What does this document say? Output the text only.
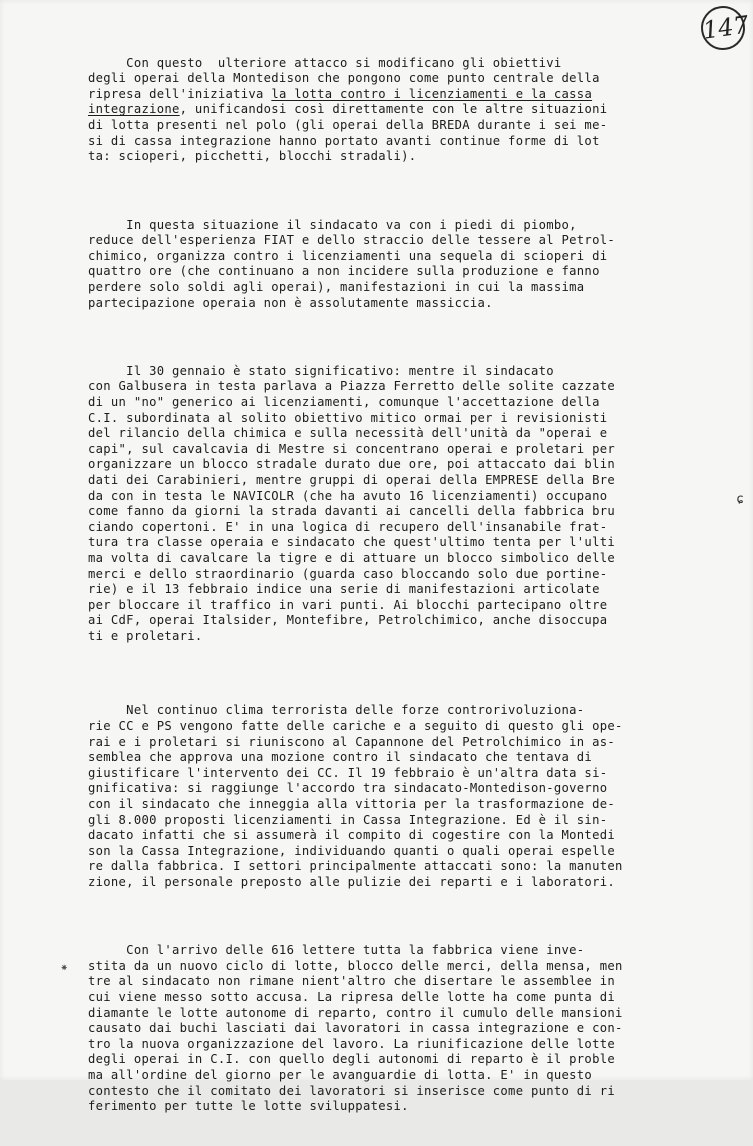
147

Con questo  ulteriore attacco si modificano gli obiettivi
degli operai della Montedison che pongono come punto centrale della
ripresa dell'iniziativa la lotta contro i licenziamenti e la cassa
integrazione, unificandosi così direttamente con le altre situazioni
di lotta presenti nel polo (gli operai della BREDA durante i sei me-
si di cassa integrazione hanno portato avanti continue forme di lot
ta: scioperi, picchetti, blocchi stradali).

In questa situazione il sindacato va con i piedi di piombo,
reduce dell'esperienza FIAT e dello straccio delle tessere al Petrol-
chimico, organizza contro i licenziamenti una sequela di scioperi di
quattro ore (che continuano a non incidere sulla produzione e fanno
perdere solo soldi agli operai), manifestazioni in cui la massima
partecipazione operaia non è assolutamente massiccia.

Il 30 gennaio è stato significativo: mentre il sindacato
con Galbusera in testa parlava a Piazza Ferretto delle solite cazzate
di un "no" generico ai licenziamenti, comunque l'accettazione della
C.I. subordinata al solito obiettivo mitico ormai per i revisionisti
del rilancio della chimica e sulla necessità dell'unità da "operai e
capi", sul cavalcavia di Mestre si concentrano operai e proletari per
organizzare un blocco stradale durato due ore, poi attaccato dai blin
dati dei Carabinieri, mentre gruppi di operai della EMPRESE della Bre
da con in testa le NAVICOLR (che ha avuto 16 licenziamenti) occupano
come fanno da giorni la strada davanti ai cancelli della fabbrica bru
ciando copertoni. E' in una logica di recupero dell'insanabile frat-
tura tra classe operaia e sindacato che quest'ultimo tenta per l'ulti
ma volta di cavalcare la tigre e di attuare un blocco simbolico delle
merci e dello straordinario (guarda caso bloccando solo due portine-
rie) e il 13 febbraio indice una serie di manifestazioni articolate
per bloccare il traffico in vari punti. Ai blocchi partecipano oltre
ai CdF, operai Italsider, Montefibre, Petrolchimico, anche disoccupa
ti e proletari.

Nel continuo clima terrorista delle forze controrivoluziona-
rie CC e PS vengono fatte delle cariche e a seguito di questo gli ope-
rai e i proletari si riuniscono al Capannone del Petrolchimico in as-
semblea che approva una mozione contro il sindacato che tentava di
giustificare l'intervento dei CC. Il 19 febbraio è un'altra data si-
gnificativa: si raggiunge l'accordo tra sindacato-Montedison-governo
con il sindacato che inneggia alla vittoria per la trasformazione de-
gli 8.000 proposti licenziamenti in Cassa Integrazione. Ed è il sin-
dacato infatti che si assumerà il compito di cogestire con la Montedi
son la Cassa Integrazione, individuando quanti o quali operai espelle
re dalla fabbrica. I settori principalmente attaccati sono: la manuten
zione, il personale preposto alle pulizie dei reparti e i laboratori.

Con l'arrivo delle 616 lettere tutta la fabbrica viene inve-
stita da un nuovo ciclo di lotte, blocco delle merci, della mensa, men
tre al sindacato non rimane nient'altro che disertare le assemblee in
cui viene messo sotto accusa. La ripresa delle lotte ha come punta di
diamante le lotte autonome di reparto, contro il cumulo delle mansioni
causato dai buchi lasciati dai lavoratori in cassa integrazione e con-
tro la nuova organizzazione del lavoro. La riunificazione delle lotte
degli operai in C.I. con quello degli autonomi di reparto è il proble
ma all'ordine del giorno per le avanguardie di lotta. E' in questo
contesto che il comitato dei lavoratori si inserisce come punto di ri
ferimento per tutte le lotte sviluppatesi.

ɕ
⁕
